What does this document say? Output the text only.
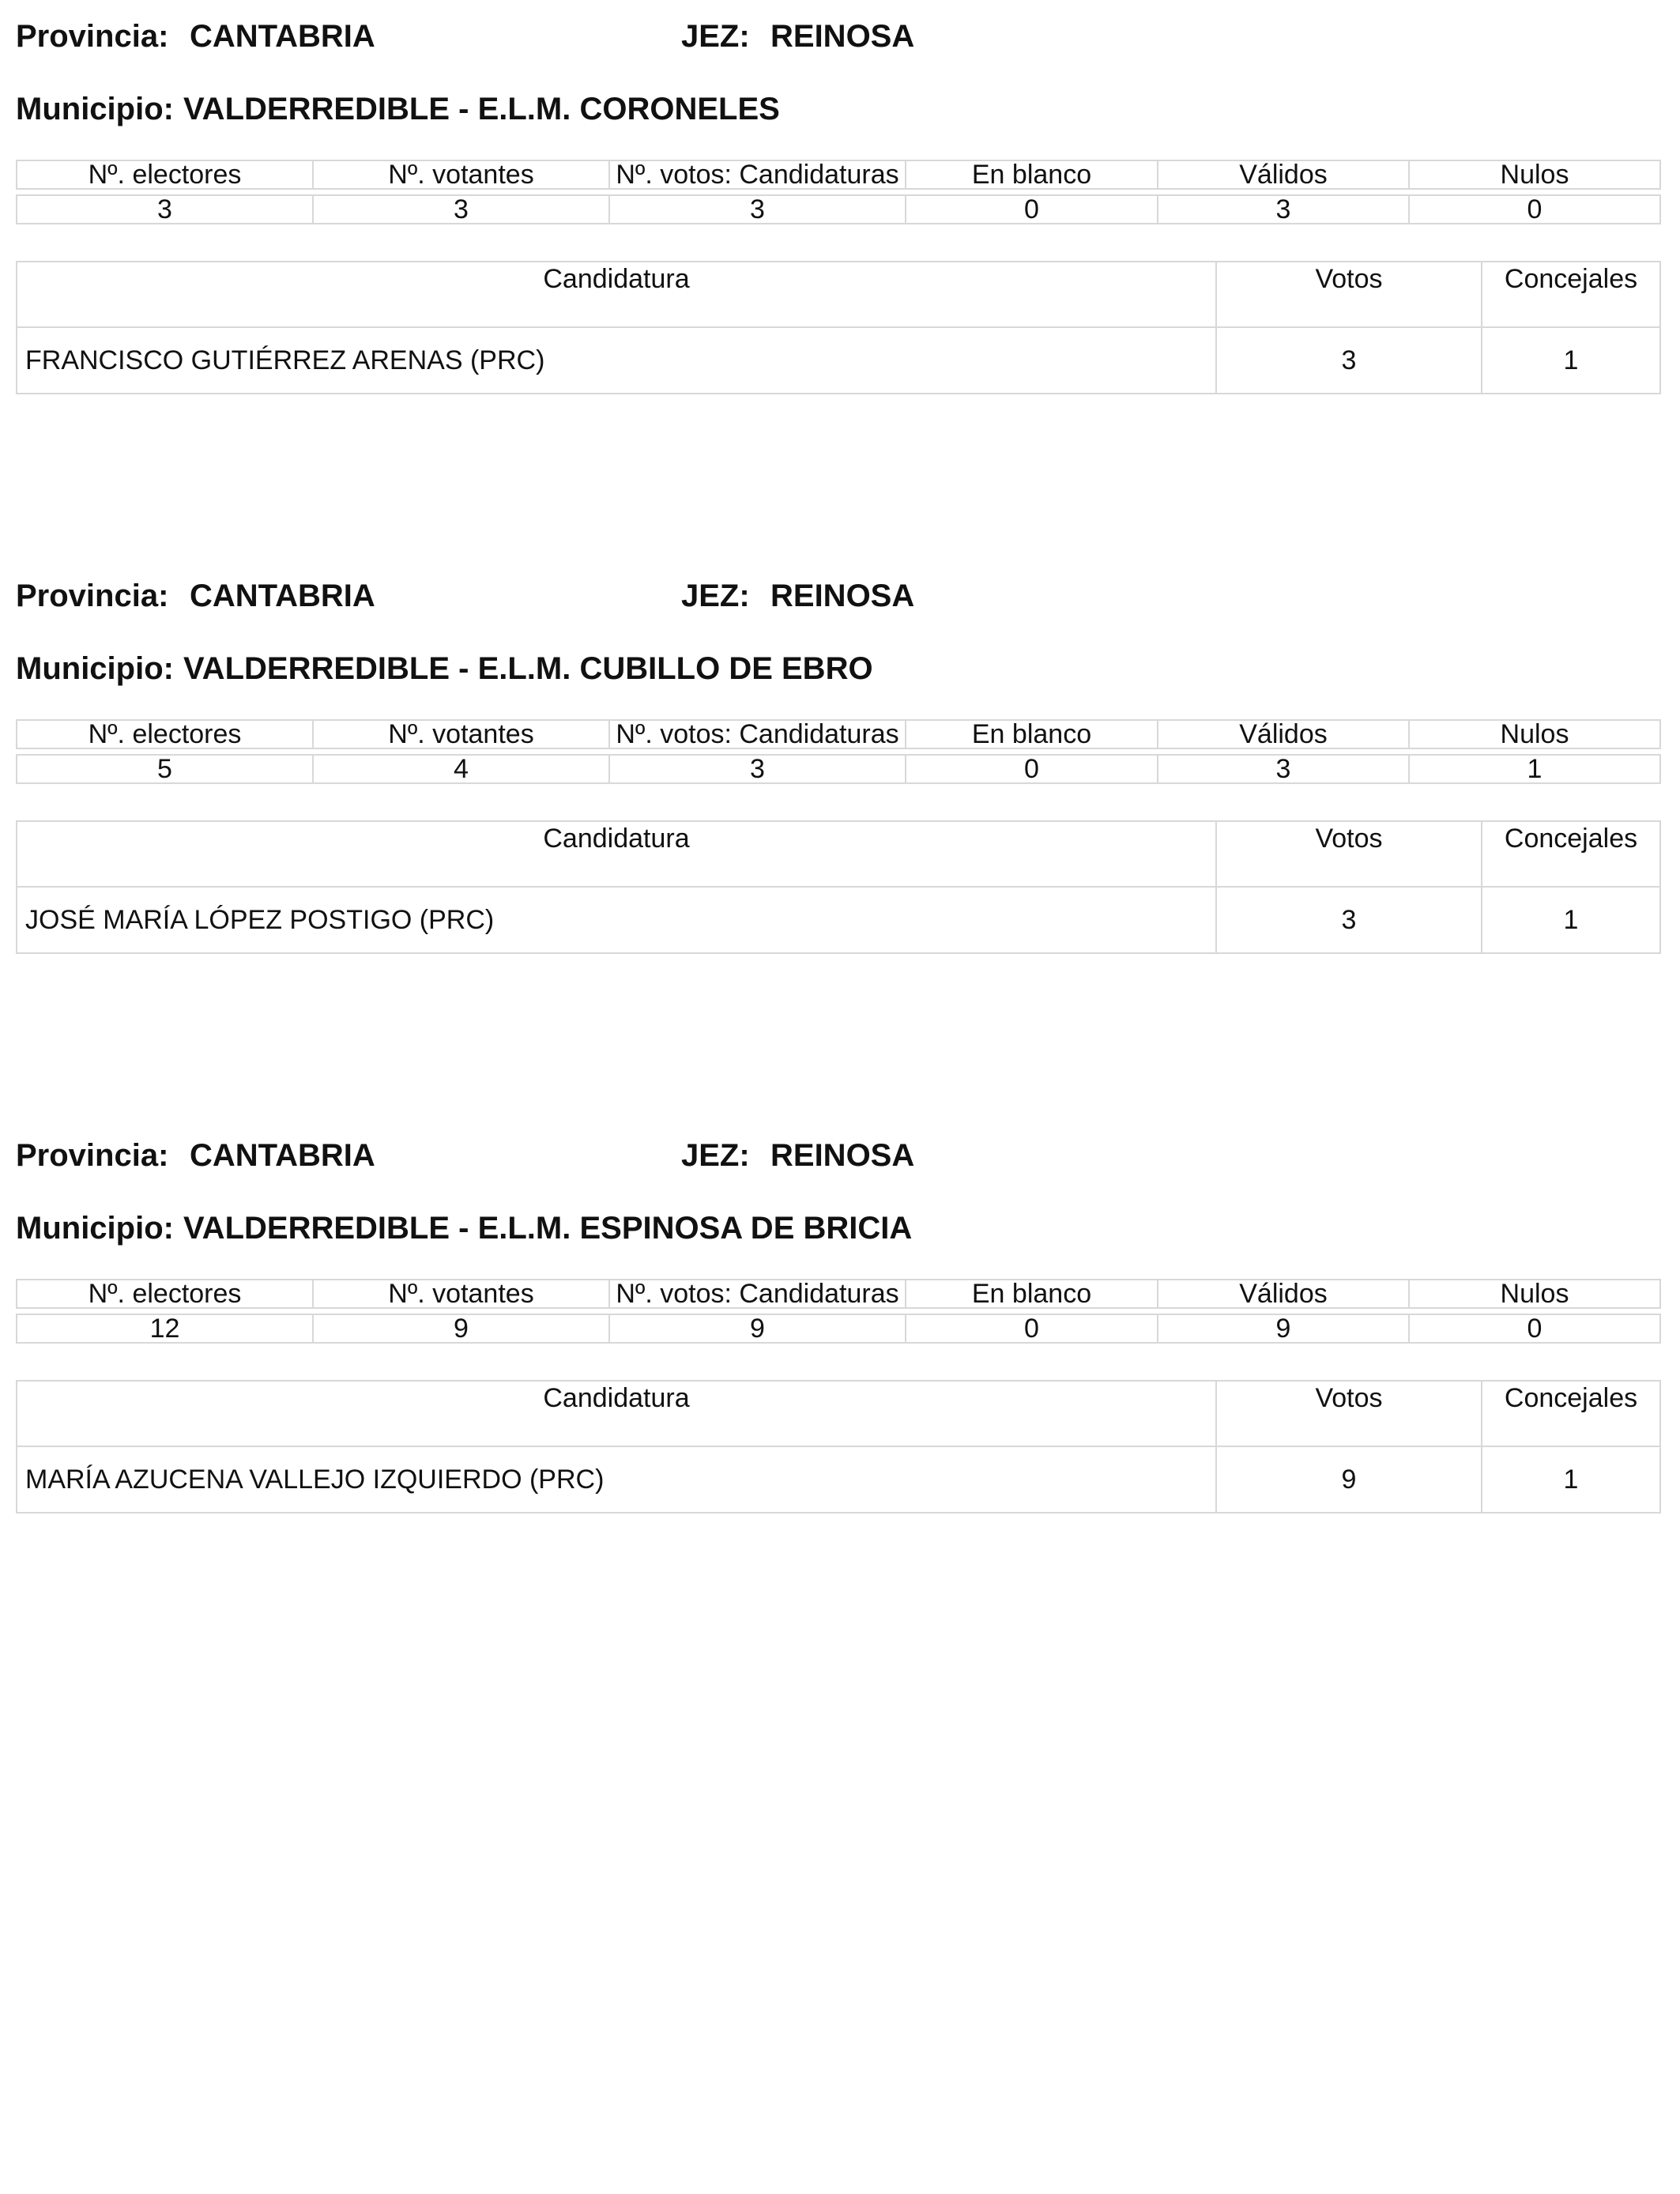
Provincia: CANTABRIA	JEZ: REINOSA
Municipio: VALDERREDIBLE - E.L.M. CORONELES
Nº. electores	Nº. votantes	Nº. votos: Candidaturas	En blanco	Válidos	Nulos

3	3	3	0	3	0
Candidatura	Votos	Concejales
FRANCISCO GUTIÉRREZ ARENAS (PRC)	3	1
Provincia: CANTABRIA	JEZ: REINOSA
Municipio: VALDERREDIBLE - E.L.M. CUBILLO DE EBRO
Nº. electores	Nº. votantes	Nº. votos: Candidaturas	En blanco	Válidos	Nulos

5	4	3	0	3	1
Candidatura	Votos	Concejales
JOSÉ MARÍA LÓPEZ POSTIGO (PRC)	3	1
Provincia: CANTABRIA	JEZ: REINOSA
Municipio: VALDERREDIBLE - E.L.M. ESPINOSA DE BRICIA
Nº. electores	Nº. votantes	Nº. votos: Candidaturas	En blanco	Válidos	Nulos

12	9	9	0	9	0
Candidatura	Votos	Concejales
MARÍA AZUCENA VALLEJO IZQUIERDO (PRC)	9	1
